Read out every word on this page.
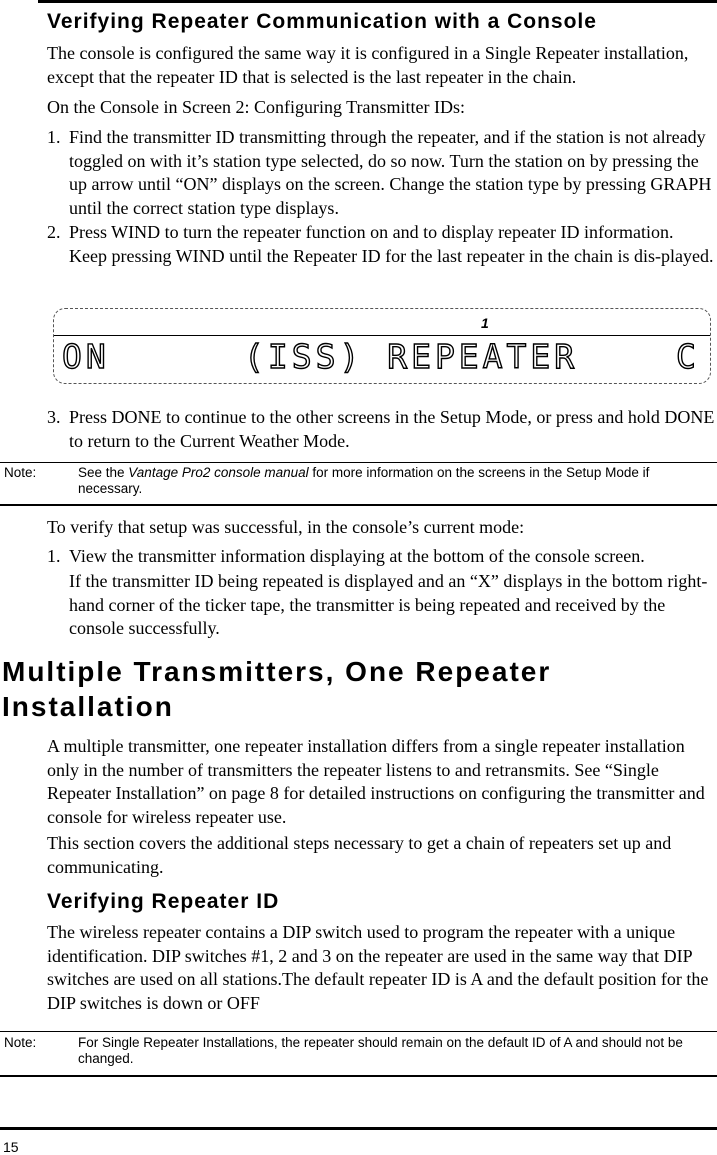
Verifying Repeater Communication with a Console

The console is configured the same way it is configured in a Single Repeater installation, except that the repeater ID that is selected is the last repeater in the chain.

On the Console in Screen 2: Configuring Transmitter IDs:

1. Find the transmitter ID transmitting through the repeater, and if the station is not already toggled on with it’s station type selected, do so now. Turn the station on by pressing the up arrow until “ON” displays on the screen. Change the station type by pressing GRAPH until the correct station type displays.
2. Press WIND to turn the repeater function on and to display repeater ID information. Keep pressing WIND until the Repeater ID for the last repeater in the chain is dis-played.
1
ON	(ISS) REPEATER	C
3. Press DONE to continue to the other screens in the Setup Mode, or press and hold DONE to return to the Current Weather Mode.
Note:	See the Vantage Pro2 console manual for more information on the screens in the Setup Mode if necessary.

To verify that setup was successful, in the console’s current mode:

1. View the transmitter information displaying at the bottom of the console screen.

If the transmitter ID being repeated is displayed and an “X” displays in the bottom right-hand corner of the ticker tape, the transmitter is being repeated and received by the console successfully.

Multiple Transmitters, One Repeater
Installation

A multiple transmitter, one repeater installation differs from a single repeater installation only in the number of transmitters the repeater listens to and retransmits. See “Single Repeater Installation” on page 8 for detailed instructions on configuring the transmitter and console for wireless repeater use.

This section covers the additional steps necessary to get a chain of repeaters set up and communicating.

Verifying Repeater ID

The wireless repeater contains a DIP switch used to program the repeater with a unique identification. DIP switches #1, 2 and 3 on the repeater are used in the same way that DIP switches are used on all stations.The default repeater ID is A and the default position for the DIP switches is down or OFF

Note:	For Single Repeater Installations, the repeater should remain on the default ID of A and should not be changed.
15
